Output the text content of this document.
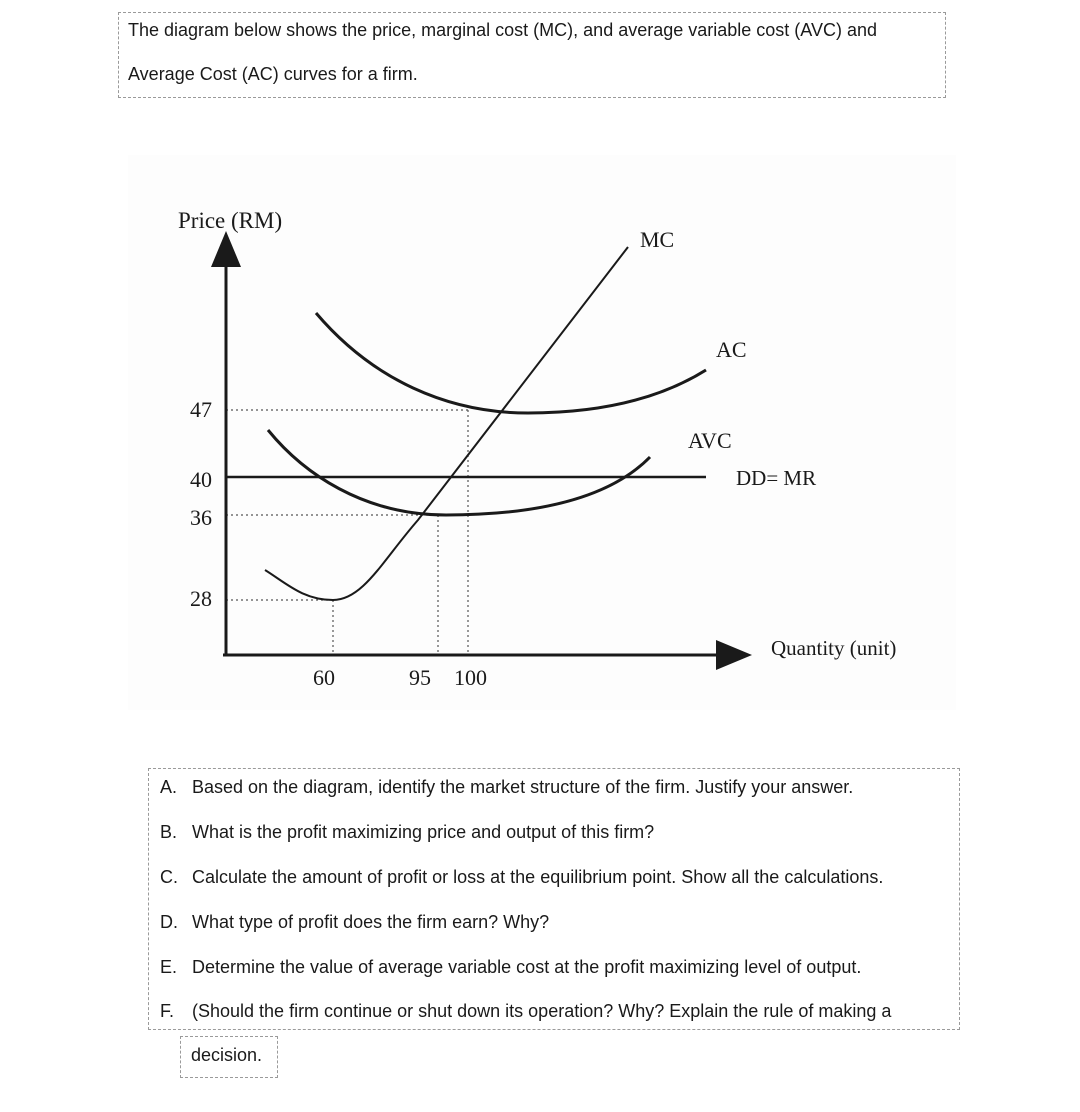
The diagram below shows the price, marginal cost (MC), and average variable cost (AVC) and
Average Cost (AC) curves for a firm.
MC
AC
AVC
DD= MR
Price (RM)
Quantity (unit)
47
40
36
28
60	95 100
A. Based on the diagram, identify the market structure of the firm. Justify your answer.
B. What is the profit maximizing price and output of this firm?
C. Calculate the amount of profit or loss at the equilibrium point. Show all the calculations.
D. What type of profit does the firm earn? Why?
E. Determine the value of average variable cost at the profit maximizing level of output.
F. (Should the firm continue or shut down its operation? Why? Explain the rule of making a
decision.
